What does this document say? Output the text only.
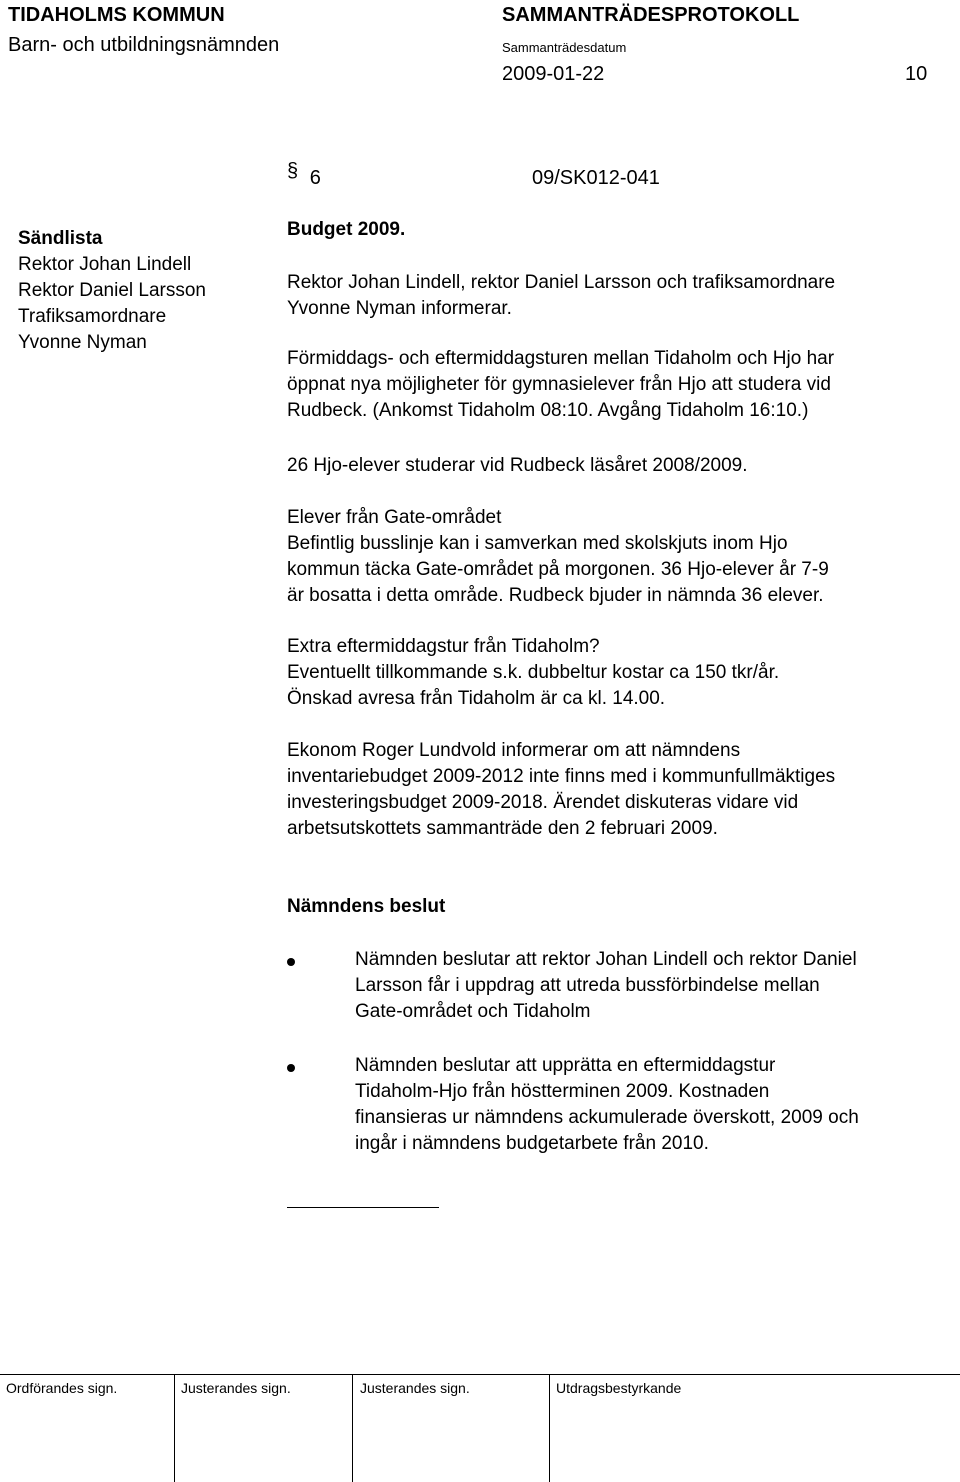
TIDAHOLMS KOMMUN
Barn- och utbildningsnämnden
SAMMANTRÄDESPROTOKOLL
Sammanträdesdatum
2009-01-22	10
§ 6	09/SK012-041
Sändlista
Rektor Johan Lindell
Rektor Daniel Larsson
Trafiksamordnare
Yvonne Nyman
Budget 2009.
Rektor Johan Lindell, rektor Daniel Larsson och trafiksamordnare
Yvonne Nyman informerar.
Förmiddags- och eftermiddagsturen mellan Tidaholm och Hjo har
öppnat nya möjligheter för gymnasielever från Hjo att studera vid
Rudbeck. (Ankomst Tidaholm 08:10. Avgång Tidaholm 16:10.)
26 Hjo-elever studerar vid Rudbeck läsåret 2008/2009.
Elever från Gate-området
Befintlig busslinje kan i samverkan med skolskjuts inom Hjo
kommun täcka Gate-området på morgonen. 36 Hjo-elever år 7-9
är bosatta i detta område. Rudbeck bjuder in nämnda 36 elever.
Extra eftermiddagstur från Tidaholm?
Eventuellt tillkommande s.k. dubbeltur kostar ca 150 tkr/år.
Önskad avresa från Tidaholm är ca kl. 14.00.
Ekonom Roger Lundvold informerar om att nämndens
inventariebudget 2009-2012 inte finns med i kommunfullmäktiges
investeringsbudget 2009-2018. Ärendet diskuteras vidare vid
arbetsutskottets sammanträde den 2 februari 2009.
Nämndens beslut
Nämnden beslutar att rektor Johan Lindell och rektor Daniel
Larsson får i uppdrag att utreda bussförbindelse mellan
Gate-området och Tidaholm
Nämnden beslutar att upprätta en eftermiddagstur
Tidaholm-Hjo från höstterminen 2009. Kostnaden
finansieras ur nämndens ackumulerade överskott, 2009 och
ingår i nämndens budgetarbete från 2010.
Ordförandes sign.	Justerandes sign.	Justerandes sign.	Utdragsbestyrkande
